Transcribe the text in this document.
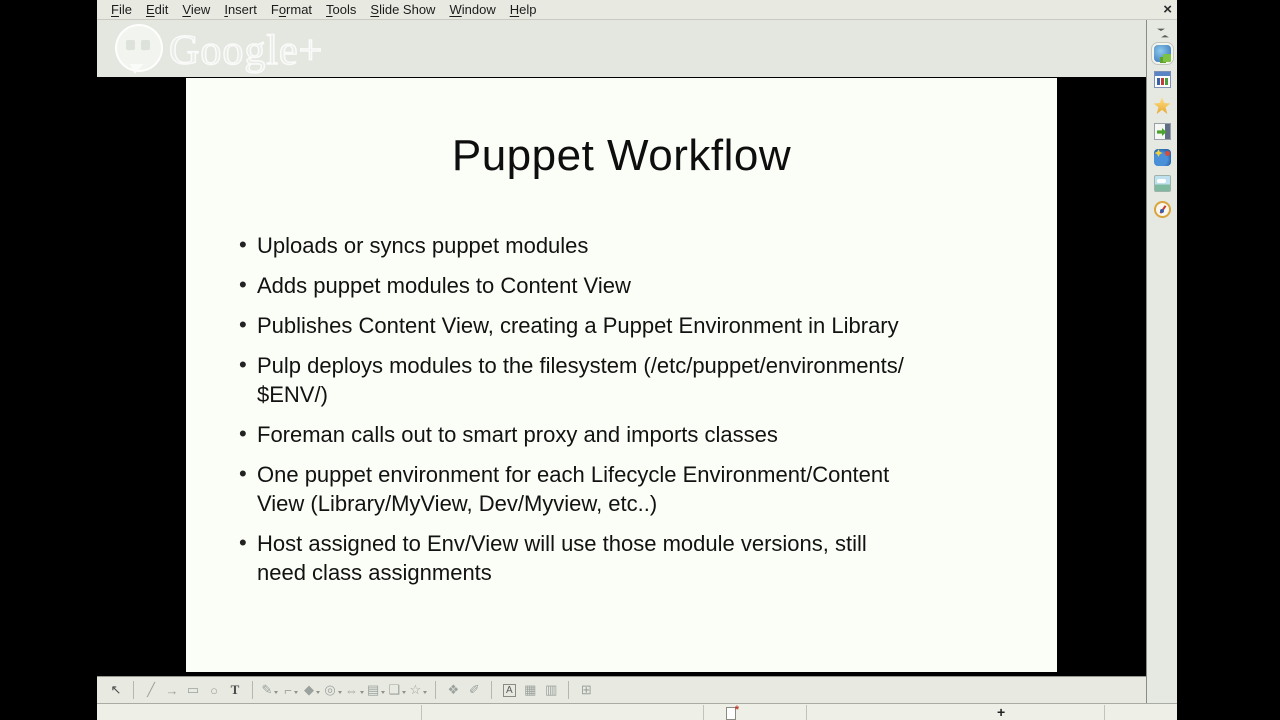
File Edit View Insert Format Tools Slide Show Window Help	×
Google+
Puppet Workflow
• Uploads or syncs puppet modules
• Adds puppet modules to Content View
• Publishes Content View, creating a Puppet Environment in Library
• Pulp deploys modules to the filesystem (/etc/puppet/environments/
$ENV/)
• Foreman calls out to smart proxy and imports classes
• One puppet environment for each Lifecycle Environment/Content
View (Library/MyView, Dev/Myview, etc..)
• Host assigned to Env/View will use those module versions, still
need class assignments
↖ ╱ → ▭ ○ T ✎ ⌐ ◆ ◎ ⇔ ▤ ❑ ☆ ❖ ✐	A ▦ ▥ ⊞
*	+
